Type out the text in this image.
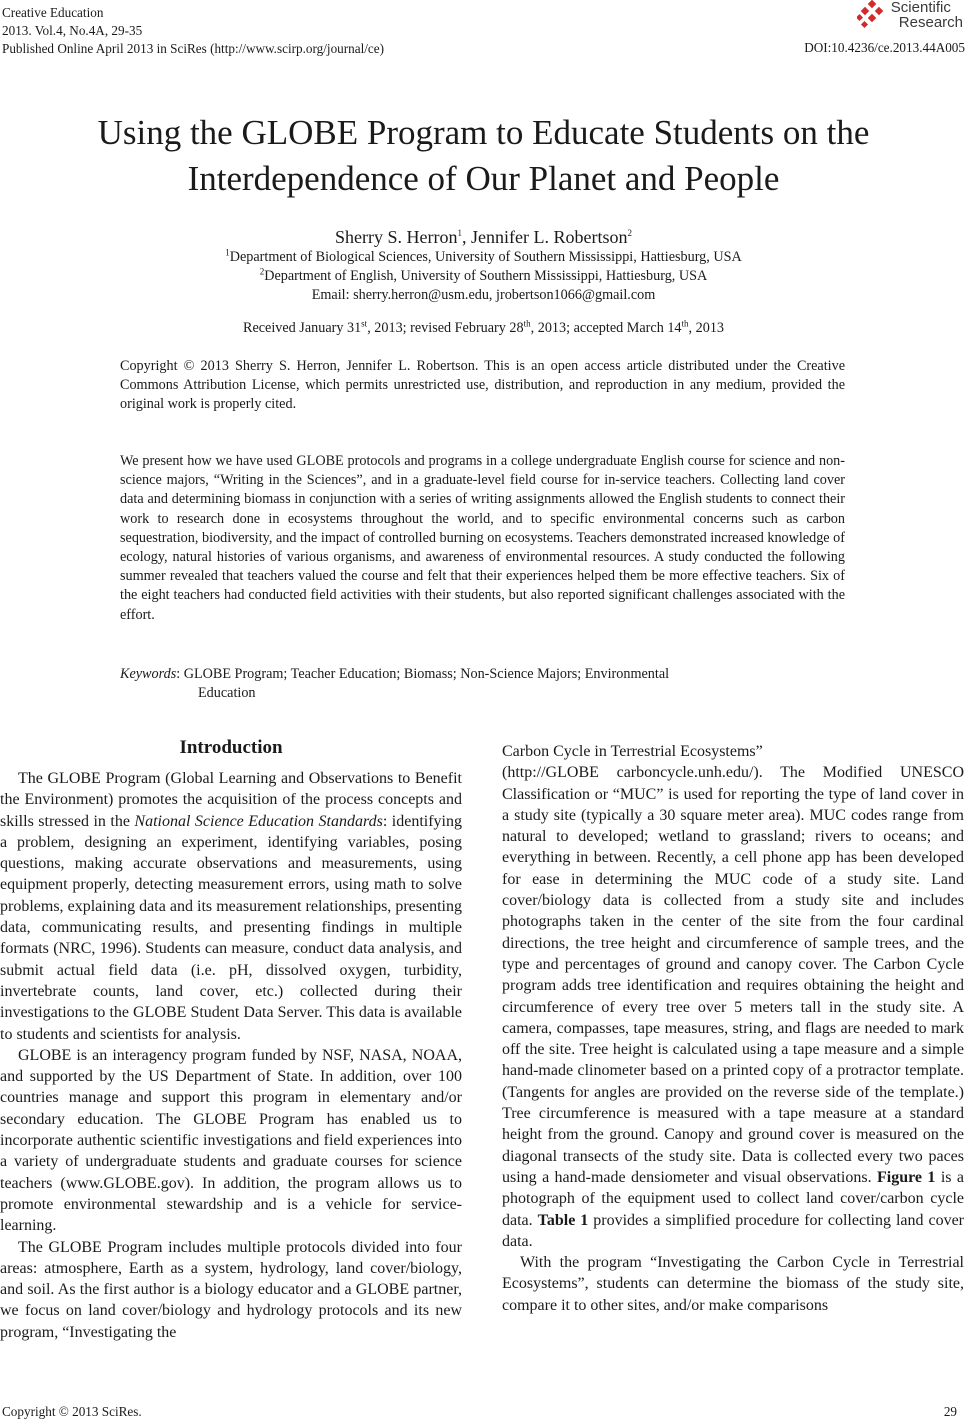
Creative Education
2013. Vol.4, No.4A, 29-35
Published Online April 2013 in SciRes (http://www.scirp.org/journal/ce)
Scientific
Research
DOI:10.4236/ce.2013.44A005
Using the GLOBE Program to Educate Students on the
Interdependence of Our Planet and People
Sherry S. Herron$^1$, Jennifer L. Robertson$^2$
$^1$Department of Biological Sciences, University of Southern Mississippi, Hattiesburg, USA
$^2$Department of English, University of Southern Mississippi, Hattiesburg, USA
Email: sherry.herron@usm.edu, jrobertson1066@gmail.com
Received January 31st, 2013; revised February 28th, 2013; accepted March 14th, 2013
Copyright © 2013 Sherry S. Herron, Jennifer L. Robertson. This is an open access article distributed under the Creative Commons Attribution License, which permits unrestricted use, distribution, and reproduction in any medium, provided the original work is properly cited.
We present how we have used GLOBE protocols and programs in a college undergraduate English course for science and non-science majors, “Writing in the Sciences”, and in a graduate-level field course for in-service teachers. Collecting land cover data and determining biomass in conjunction with a series of writing assignments allowed the English students to connect their work to research done in ecosystems throughout the world, and to specific environmental concerns such as carbon sequestration, biodiversity, and the impact of controlled burning on ecosystems. Teachers demonstrated increased knowledge of ecology, natural histories of various organisms, and awareness of environmental resources. A study conducted the following summer revealed that teachers valued the course and felt that their experiences helped them be more effective teachers. Six of the eight teachers had conducted field activities with their students, but also reported significant challenges associated with the effort.
Keywords: GLOBE Program; Teacher Education; Biomass; Non-Science Majors; Environmental
Education
Introduction

The GLOBE Program (Global Learning and Observations to Benefit the Environment) promotes the acquisition of the process concepts and skills stressed in the National Science Education Standards: identifying a problem, designing an experiment, identifying variables, posing questions, making accurate observations and measurements, using equipment properly, detecting measurement errors, using math to solve problems, explaining data and its measurement relationships, presenting data, communicating results, and presenting findings in multiple formats (NRC, 1996). Students can measure, conduct data analysis, and submit actual field data (i.e. pH, dissolved oxygen, turbidity, invertebrate counts, land cover, etc.) collected during their investigations to the GLOBE Student Data Server. This data is available to students and scientists for analysis.

GLOBE is an interagency program funded by NSF, NASA, NOAA, and supported by the US Department of State. In addition, over 100 countries manage and support this program in elementary and/or secondary education. The GLOBE Program has enabled us to incorporate authentic scientific investigations and field experiences into a variety of undergraduate students and graduate courses for science teachers (www.GLOBE.gov). In addition, the program allows us to promote environmental stewardship and is a vehicle for service-learning.

The GLOBE Program includes multiple protocols divided into four areas: atmosphere, Earth as a system, hydrology, land cover/biology, and soil. As the first author is a biology educator and a GLOBE partner, we focus on land cover/biology and hydrology protocols and its new program, “Investigating the

Carbon Cycle in Terrestrial Ecosystems”

(http://GLOBE carboncycle.unh.edu/). The Modified UNESCO Classification or “MUC” is used for reporting the type of land cover in a study site (typically a 30 square meter area). MUC codes range from natural to developed; wetland to grassland; rivers to oceans; and everything in between. Recently, a cell phone app has been developed for ease in determining the MUC code of a study site. Land cover/biology data is collected from a study site and includes photographs taken in the center of the site from the four cardinal directions, the tree height and circumference of sample trees, and the type and percentages of ground and canopy cover. The Carbon Cycle program adds tree identification and requires obtaining the height and circumference of every tree over 5 meters tall in the study site. A camera, compasses, tape measures, string, and flags are needed to mark off the site. Tree height is calculated using a tape measure and a simple hand-made clinometer based on a printed copy of a protractor template. (Tangents for angles are provided on the reverse side of the template.) Tree circumference is measured with a tape measure at a standard height from the ground. Canopy and ground cover is measured on the diagonal transects of the study site. Data is collected every two paces using a hand-made densiometer and visual observations. Figure 1 is a photograph of the equipment used to collect land cover/carbon cycle data. Table 1 provides a simplified procedure for collecting land cover data.

With the program “Investigating the Carbon Cycle in Terrestrial Ecosystems”, students can determine the biomass of the study site, compare it to other sites, and/or make comparisons

Copyright © 2013 SciRes.	29
